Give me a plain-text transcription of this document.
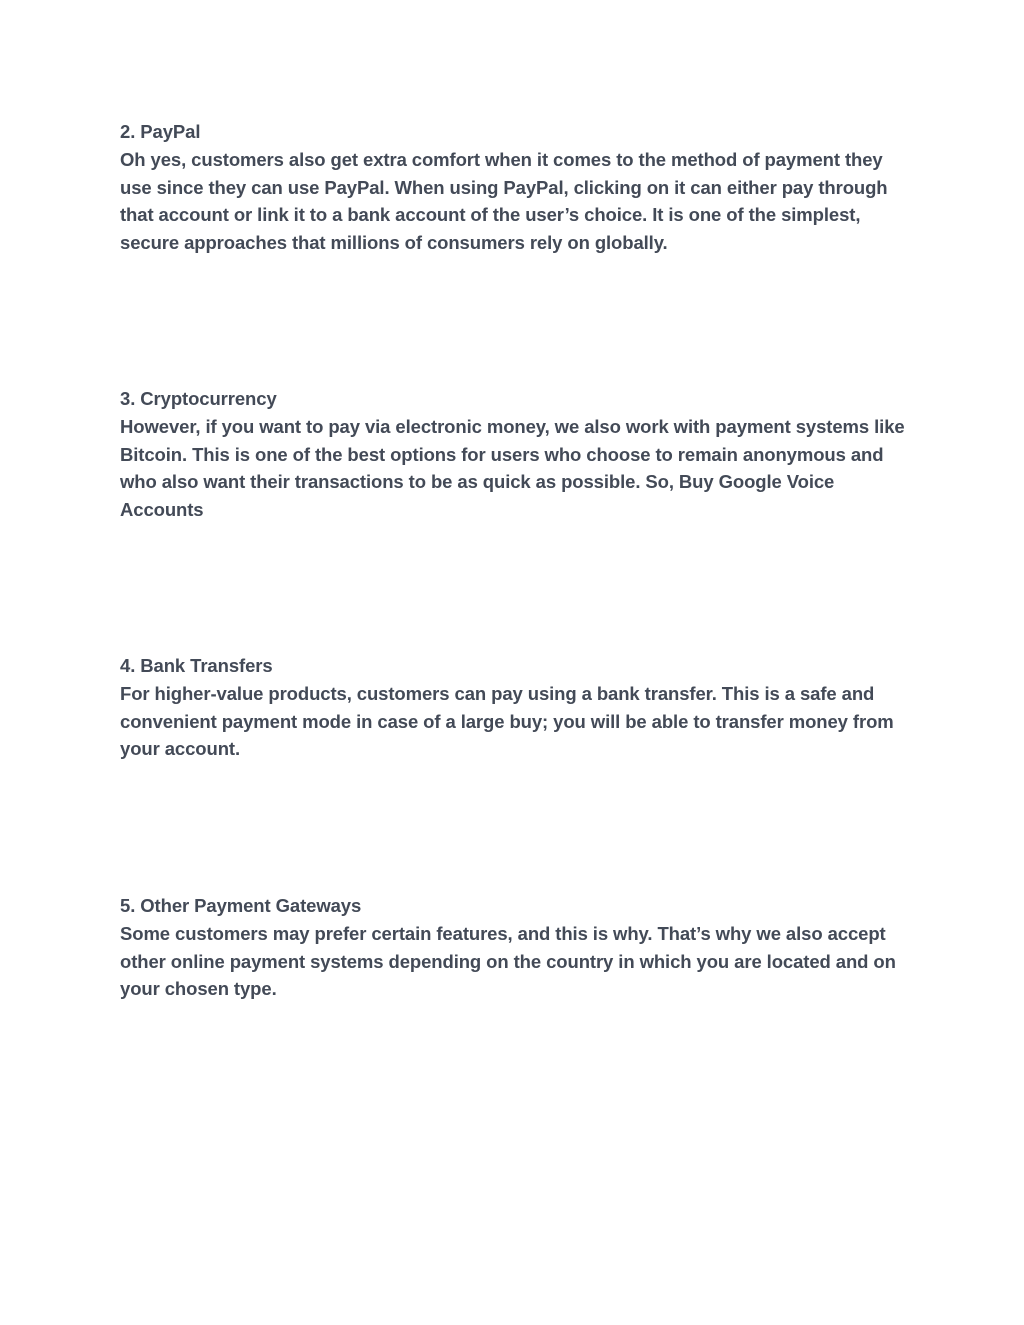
2. PayPal

Oh yes, customers also get extra comfort when it comes to the method of payment they use since they can use PayPal. When using PayPal, clicking on it can either pay through that account or link it to a bank account of the user’s choice. It is one of the simplest, secure approaches that millions of consumers rely on globally.

3. Cryptocurrency

However, if you want to pay via electronic money, we also work with payment systems like Bitcoin. This is one of the best options for users who choose to remain anonymous and who also want their transactions to be as quick as possible. So, Buy Google Voice Accounts

4. Bank Transfers

For higher-value products, customers can pay using a bank transfer. This is a safe and convenient payment mode in case of a large buy; you will be able to transfer money from your account.

5. Other Payment Gateways

Some customers may prefer certain features, and this is why. That’s why we also accept other online payment systems depending on the country in which you are located and on your chosen type.
